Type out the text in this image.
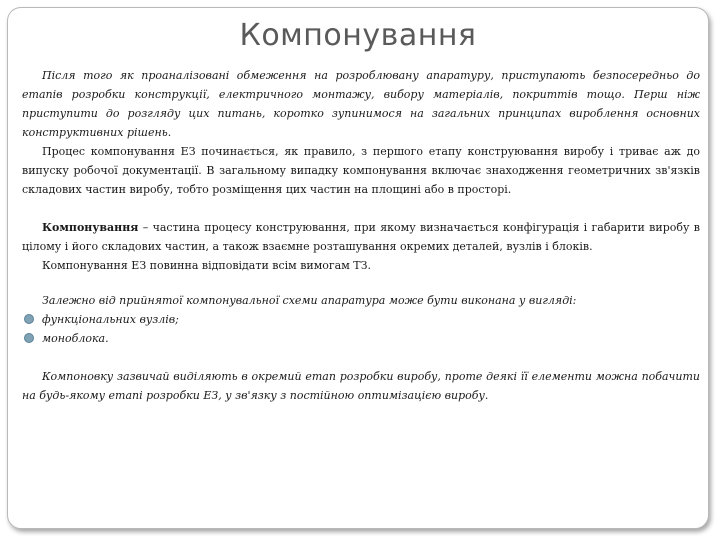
Компонування

Після того як проаналізовані обмеження на розроблювану апаратуру, приступають безпосередньо до етапів розробки конструкції, електричного монтажу, вибору матеріалів, покриттів тощо. Перш ніж приступити до розгляду цих питань, коротко зупинимося на загальних принципах вироблення основних конструктивних рішень.

Процес компонування ЕЗ починається, як правило, з першого етапу конструювання виробу і триває аж до випуску робочої документації. В загальному випадку компонування включає знаходження геометричних зв'язків складових частин виробу, тобто розміщення цих частин на площині або в просторі.

Компонування – частина процесу конструювання, при якому визначається конфігурація і габарити виробу в цілому і його складових частин, а також взаємне розташування окремих деталей, вузлів і блоків.

Компонування ЕЗ повинна відповідати всім вимогам ТЗ.

Залежно від прийнятої компонувальної схеми апаратура може бути виконана у вигляді:

функціональних вузлів;
моноблока.

Компоновку зазвичай виділяють в окремий етап розробки виробу, проте деякі її елементи можна побачити на будь-якому етапі розробки ЕЗ, у зв'язку з постійною оптимізацією виробу.
